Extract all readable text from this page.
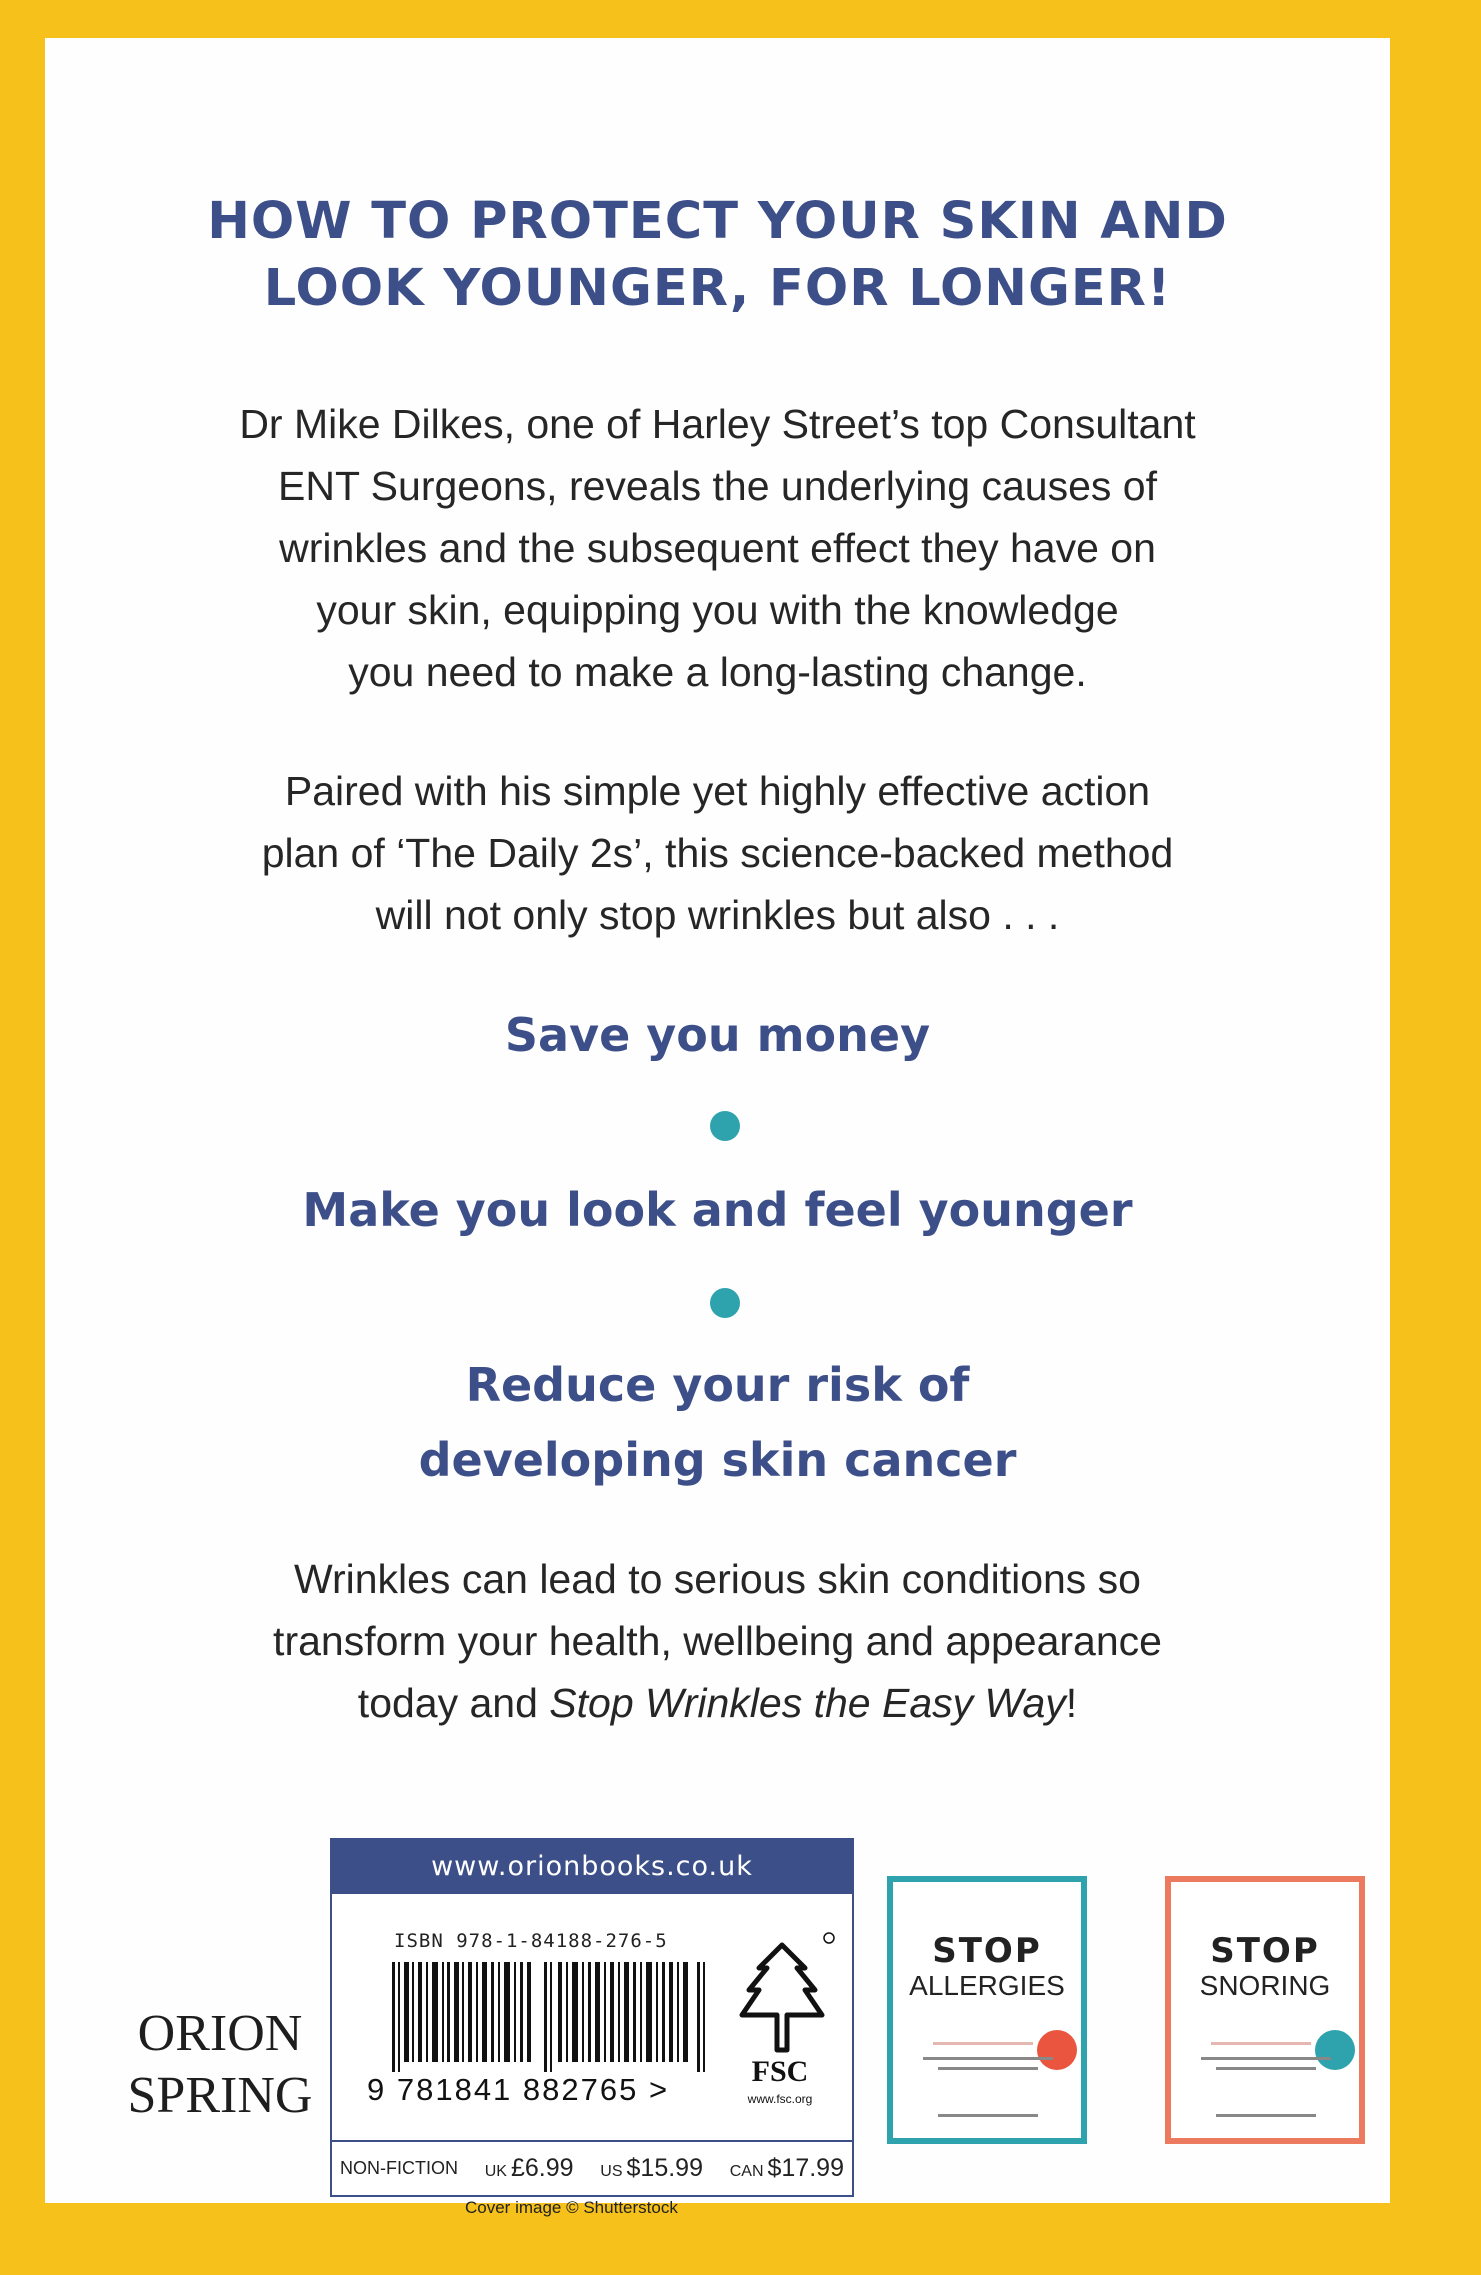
HOW TO PROTECT YOUR SKIN AND
LOOK YOUNGER, FOR LONGER!
Dr Mike Dilkes, one of Harley Street’s top Consultant
ENT Surgeons, reveals the underlying causes of
wrinkles and the subsequent effect they have on
your skin, equipping you with the knowledge
you need to make a long-lasting change.
Paired with his simple yet highly effective action
plan of ‘The Daily 2s’, this science-backed method
will not only stop wrinkles but also . . .
Save you money
Make you look and feel younger
Reduce your risk of
developing skin cancer
Wrinkles can lead to serious skin conditions so
transform your health, wellbeing and appearance
today and Stop Wrinkles the Easy Way!
ORION
SPRING
www.orionbooks.co.uk
ISBN 978-1-84188-276-5
9 781841 882765 >
FSC
www.fsc.org
NON-FICTION UK £6.99 US $15.99 CAN $17.99
Cover image © Shutterstock
STOP
ALLERGIES
STOP
SNORING
